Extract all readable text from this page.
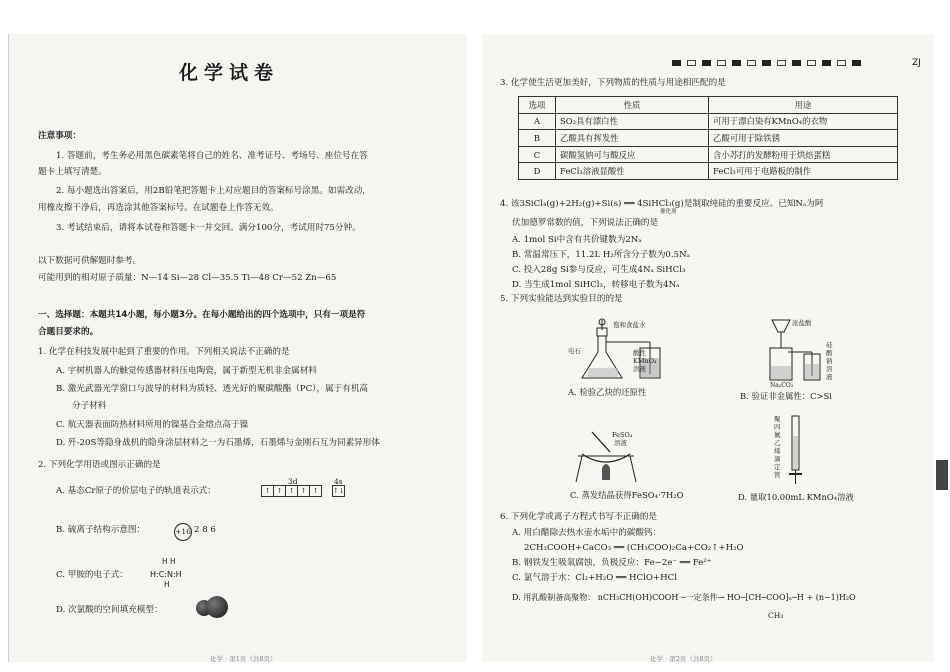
化学试卷
注意事项：
1. 答题前，考生务必用黑色碳素笔将自己的姓名、准考证号、考场号、座位号在答
题卡上填写清楚。
2. 每小题选出答案后，用2B铅笔把答题卡上对应题目的答案标号涂黑。如需改动，
用橡皮擦干净后，再选涂其他答案标号。在试题卷上作答无效。
3. 考试结束后，请将本试卷和答题卡一并交回。满分100分，考试用时75分钟。
以下数据可供解题时参考。
可能用到的相对原子质量：N—14 Si—28 Cl—35.5 Ti—48 Cr—52 Zn—65
一、选择题：本题共14小题，每小题3分。在每小题给出的四个选项中，只有一项是符
合题目要求的。
1. 化学在科技发展中起到了重要的作用。下列相关说法不正确的是
A. 宇树机器人的触觉传感器材料压电陶瓷，属于新型无机非金属材料
B. 激光武器光学窗口与波导的材料为质轻、透光好的聚碳酸酯（PC），属于有机高
分子材料
C. 航天器表面防热材料所用的镍基合金熔点高于镍
D. 歼-20S等隐身战机的隐身涂层材料之一为石墨烯，石墨烯与金刚石互为同素异形体
2. 下列化学用语或图示正确的是
A. 基态Cr原子的价层电子的轨道表示式：
3d	4s
↑ ↑ ↑ ↑ ↑	↑↓
B. 硫离子结构示意图：	+16 2 8 6
C. 甲胺的电子式：
H H
H:C:N:H
H
D. 次氯酸的空间填充模型：
化学 · 第1页（共8页）
ZJ
3. 化学使生活更加美好，下列物质的性质与用途相匹配的是
选项	性质	用途
A	SO₂具有漂白性	可用于漂白染有KMnO₄的衣物
B	乙酸具有挥发性	乙酸可用于除铁锈
C	碳酸氢钠可与酸反应	含小苏打的发酵粉用于烘焙蛋糕
D	FeCl₃溶液显酸性	FeCl₃可用于电路板的制作
4. 该3SiCl₄(g)+2H₂(g)+Si(s) ══ 4SiHCl₃(g)是制取纯硅的重要反应。已知Nₐ为阿
催化剂
伏加德罗常数的值，下列说法正确的是
A. 1mol Si中含有共价键数为2Nₐ
B. 常温常压下，11.2L H₂所含分子数为0.5Nₐ
C. 投入28g Si参与反应，可生成4Nₐ SiHCl₃
D. 当生成1mol SiHCl₃，转移电子数为4Nₐ
5. 下列实验能达到实验目的的是
饱和食盐水
电石	酸性
KMnO₄
溶液
A. 检验乙炔的还原性
浓盐酸
Na₂CO₃
硅
酸
钠
溶
液
B. 验证非金属性：C>Si
FeSO₄
溶液
C. 蒸发结晶获得FeSO₄·7H₂O
聚
四
氟
乙
烯
滴
定
管
D. 量取10.00mL KMnO₄溶液
6. 下列化学或离子方程式书写不正确的是
A. 用白醋除去热水壶水垢中的碳酸钙：
2CH₃COOH+CaCO₃ ══ (CH₃COO)₂Ca+CO₂↑+H₂O
B. 钢铁发生吸氧腐蚀，负极反应：Fe−2e⁻ ══ Fe²⁺
C. 氯气溶于水：Cl₂+H₂O ══ HClO+HCl
D. 用乳酸制备高聚物： nCH₃CH(OH)COOH ─一定条件→ HO─[CH─COO]ₙ─H + (n−1)H₂O
CH₃
化学 · 第2页（共8页）
